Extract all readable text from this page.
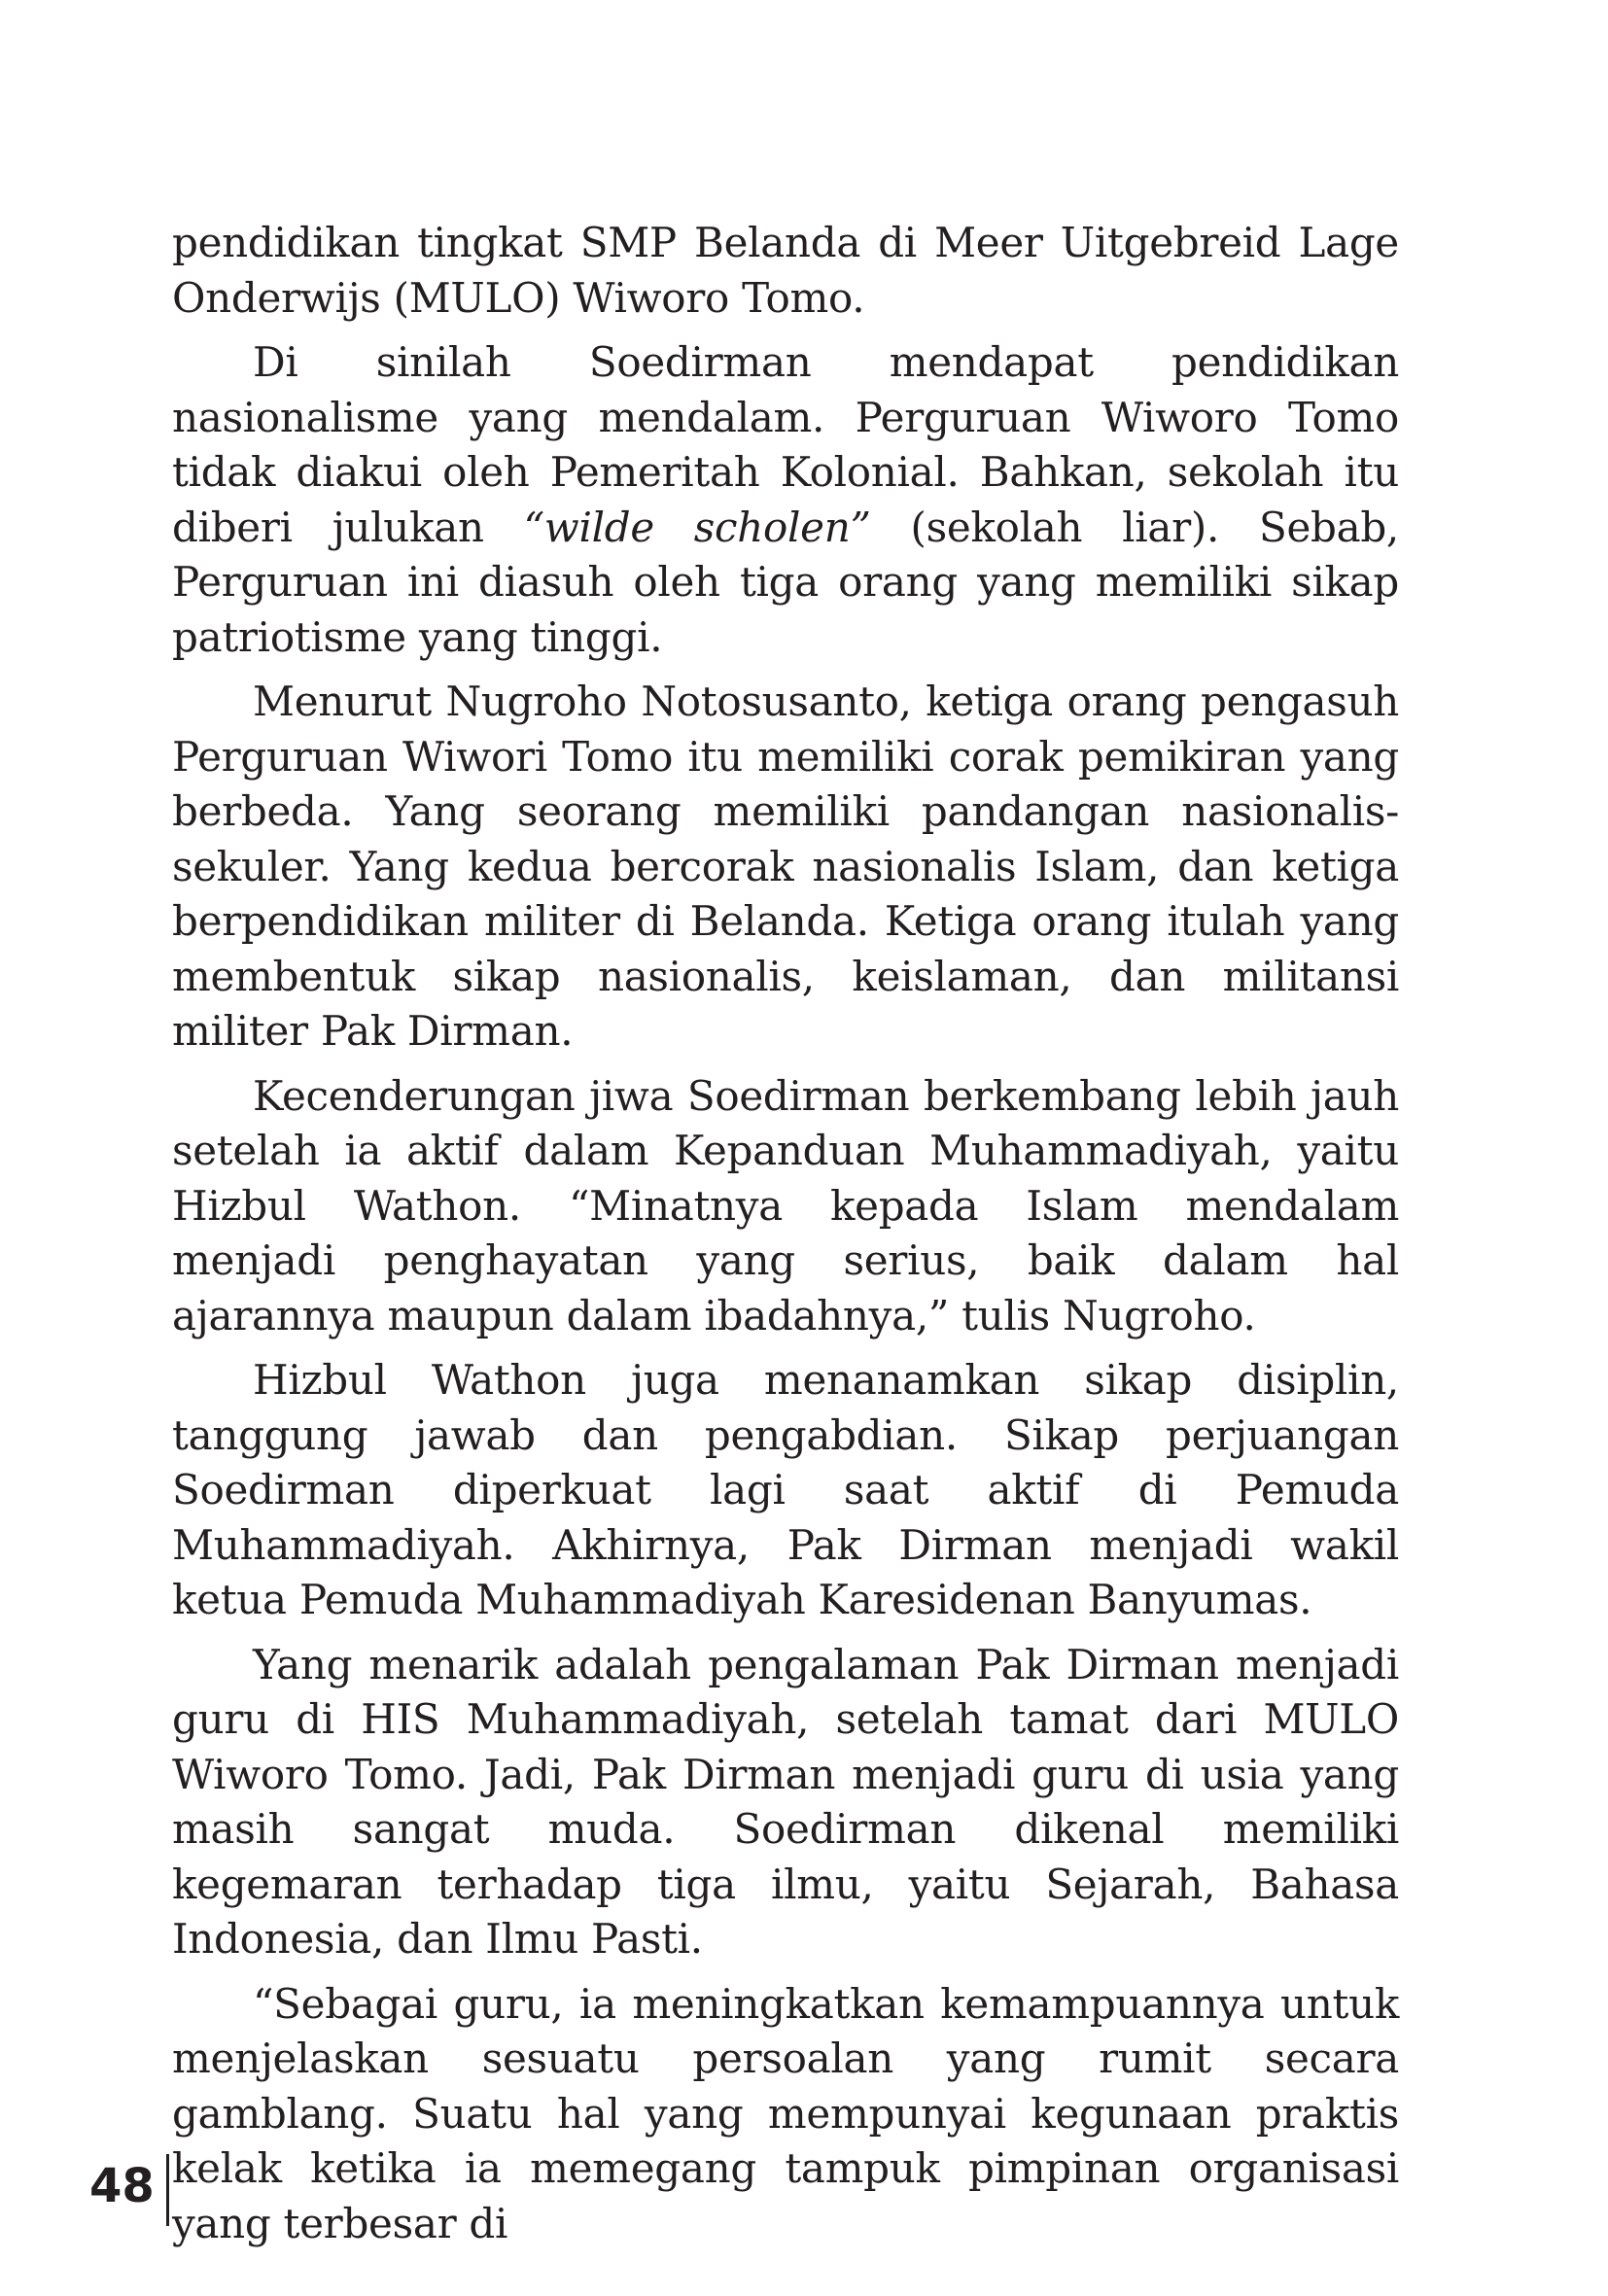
pendidikan tingkat SMP Belanda di Meer Uitgebreid Lage Onderwijs (MULO) Wiworo Tomo.

Di sinilah Soedirman mendapat pendidikan nasionalisme yang mendalam. Perguruan Wiworo Tomo tidak diakui oleh Pemeritah Kolonial. Bahkan, sekolah itu diberi julukan “wilde scholen” (sekolah liar). Sebab, Perguruan ini diasuh oleh tiga orang yang memiliki sikap patriotisme yang tinggi.

Menurut Nugroho Notosusanto, ketiga orang pengasuh Perguruan Wiwori Tomo itu memiliki corak pemikiran yang berbeda. Yang seorang memiliki pandangan nasionalis-sekuler. Yang kedua bercorak nasionalis Islam, dan ketiga berpendidikan militer di Belanda. Ketiga orang itulah yang membentuk sikap nasionalis, keislaman, dan militansi militer Pak Dirman.

Kecenderungan jiwa Soedirman berkembang lebih jauh setelah ia aktif dalam Kepanduan Muhammadiyah, yaitu Hizbul Wathon. “Minatnya kepada Islam mendalam menjadi penghayatan yang serius, baik dalam hal ajarannya maupun dalam ibadahnya,” tulis Nugroho.

Hizbul Wathon juga menanamkan sikap disiplin, tanggung jawab dan pengabdian. Sikap perjuangan Soedirman diperkuat lagi saat aktif di Pemuda Muhammadiyah. Akhirnya, Pak Dirman menjadi wakil ketua Pemuda Muhammadiyah Karesidenan Banyumas.

Yang menarik adalah pengalaman Pak Dirman menjadi guru di HIS Muhammadiyah, setelah tamat dari MULO Wiworo Tomo. Jadi, Pak Dirman menjadi guru di usia yang masih sangat muda. Soedirman dikenal memiliki kegemaran terhadap tiga ilmu, yaitu Sejarah, Bahasa Indonesia, dan Ilmu Pasti.

“Sebagai guru, ia meningkatkan kemampuannya untuk menjelaskan sesuatu persoalan yang rumit secara gamblang. Suatu hal yang mempunyai kegunaan praktis kelak ketika ia memegang tampuk pimpinan organisasi yang terbesar di

48
